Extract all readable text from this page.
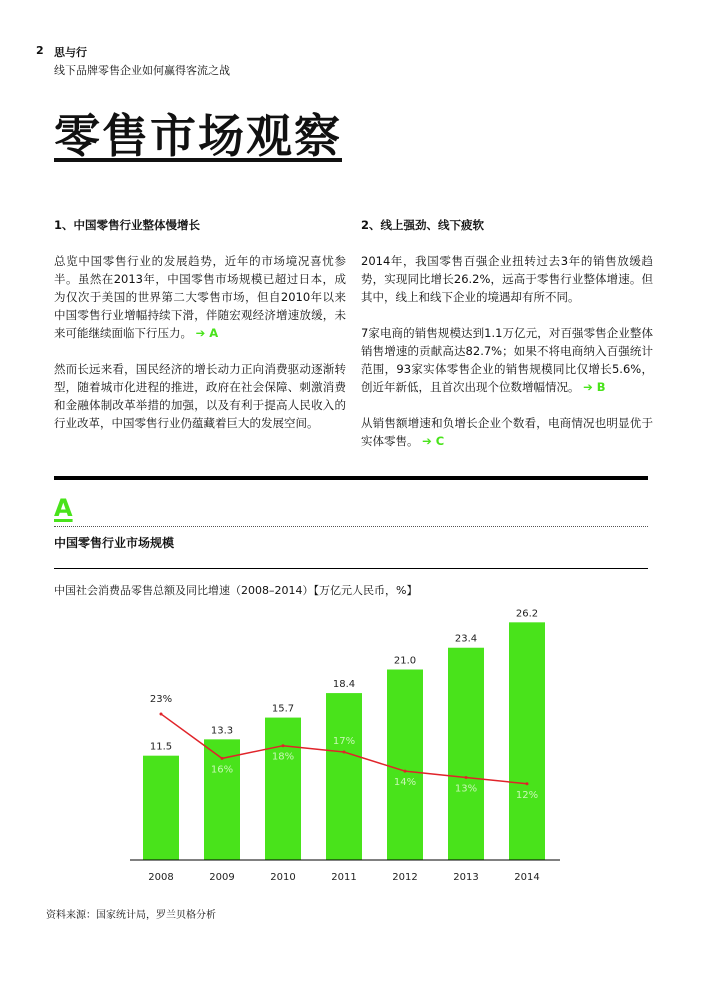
2 思与行
线下品牌零售企业如何赢得客流之战
零售市场观察
1、中国零售行业整体慢增长

总览中国零售行业的发展趋势，近年的市场境况喜忧参半。虽然在2013年，中国零售市场规模已超过日本，成为仅次于美国的世界第二大零售市场，但自2010年以来中国零售行业增幅持续下滑，伴随宏观经济增速放缓，未来可能继续面临下行压力。 ➔ A

然而长远来看，国民经济的增长动力正向消费驱动逐渐转型，随着城市化进程的推进，政府在社会保障、刺激消费和金融体制改革举措的加强，以及有利于提高人民收入的行业改革，中国零售行业仍蕴藏着巨大的发展空间。

2、线上强劲、线下疲软

2014年，我国零售百强企业扭转过去3年的销售放缓趋势，实现同比增长26.2%，远高于零售行业整体增速。但其中，线上和线下企业的境遇却有所不同。

7家电商的销售规模达到1.1万亿元，对百强零售企业整体销售增速的贡献高达82.7%；如果不将电商纳入百强统计范围，93家实体零售企业的销售规模同比仅增长5.6%，创近年新低，且首次出现个位数增幅情况。 ➔ B

从销售额增速和负增长企业个数看，电商情况也明显优于实体零售。 ➔ C

A
中国零售行业市场规模
中国社会消费品零售总额及同比增速（2008–2014）【万亿元人民币，%】
11.5
2008
13.3
2009
15.7
2010
18.4
2011
21.0
2012
23.4
2013
26.2
2014
23%
16%
18%
17%
14%
13%
12%
资料来源：国家统计局，罗兰贝格分析
